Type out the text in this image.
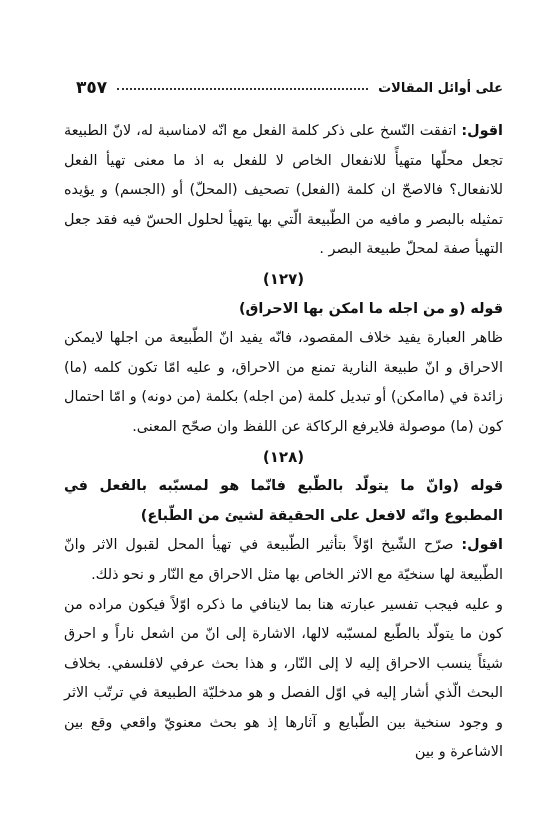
٣٥٧	على أوائل المقالات

اقول: اتفقت النّسخ على ذكر كلمة الفعل مع انّه لامناسبة له، لانّ الطبيعة تجعل محلّها متهيأً للانفعال الخاص لا للفعل به اذ ما معنى تهيأ الفعل للانفعال؟ فالاصحّ ان كلمة (الفعل) تصحيف (المحلّ) أو (الجسم) و يؤيده تمثيله بالبصر و مافيه من الطّبيعة الّتي بها يتهيأ لحلول الحسّ فيه فقد جعل التهيأ صفة لمحلّ طبيعة البصر .

(١٢٧)

قوله (و من اجله ما امكن بها الاحراق)

ظاهر العبارة يفيد خلاف المقصود، فانّه يفيد انّ الطّبيعة من اجلها لايمكن الاحراق و انّ طبيعة النارية تمنع من الاحراق، و عليه امّا تكون كلمه (ما) زائدة في (ماامكن) أو تبديل كلمة (من اجله) بكلمة (من دونه) و امّا احتمال كون (ما) موصولة فلايرفع الركاكة عن اللفظ وان صحّح المعنى.

(١٢٨)

قوله (وانّ ما يتولّد بالطّبع فانّما هو لمسبّبه بالفعل في المطبوع وانّه لافعل على الحقيقة لشيئ من الطّباع)

اقول: صرّح الشّيخ اوّلاً بتأثير الطّبيعة في تهيأ المحل لقبول الاثر وانّ الطّبيعة لها سنخيّة مع الاثر الخاص بها مثل الاحراق مع النّار و نحو ذلك.

و عليه فيجب تفسير عبارته هنا بما لاينافي ما ذكره اوّلاً فيكون مراده من كون ما يتولّد بالطّبع لمسبّبه لالها، الاشارة إلى انّ من اشعل ناراً و احرق شيئاً ينسب الاحراق إليه لا إلى النّار، و هذا بحث عرفي لافلسفي. بخلاف البحث الّذي أشار إليه في اوّل الفصل و هو مدخليّة الطبيعة في ترتّب الاثر و وجود سنخية بين الطّبايع و آثارها إذ هو بحث معنويّ واقعي وقع بين الاشاعرة و بين
